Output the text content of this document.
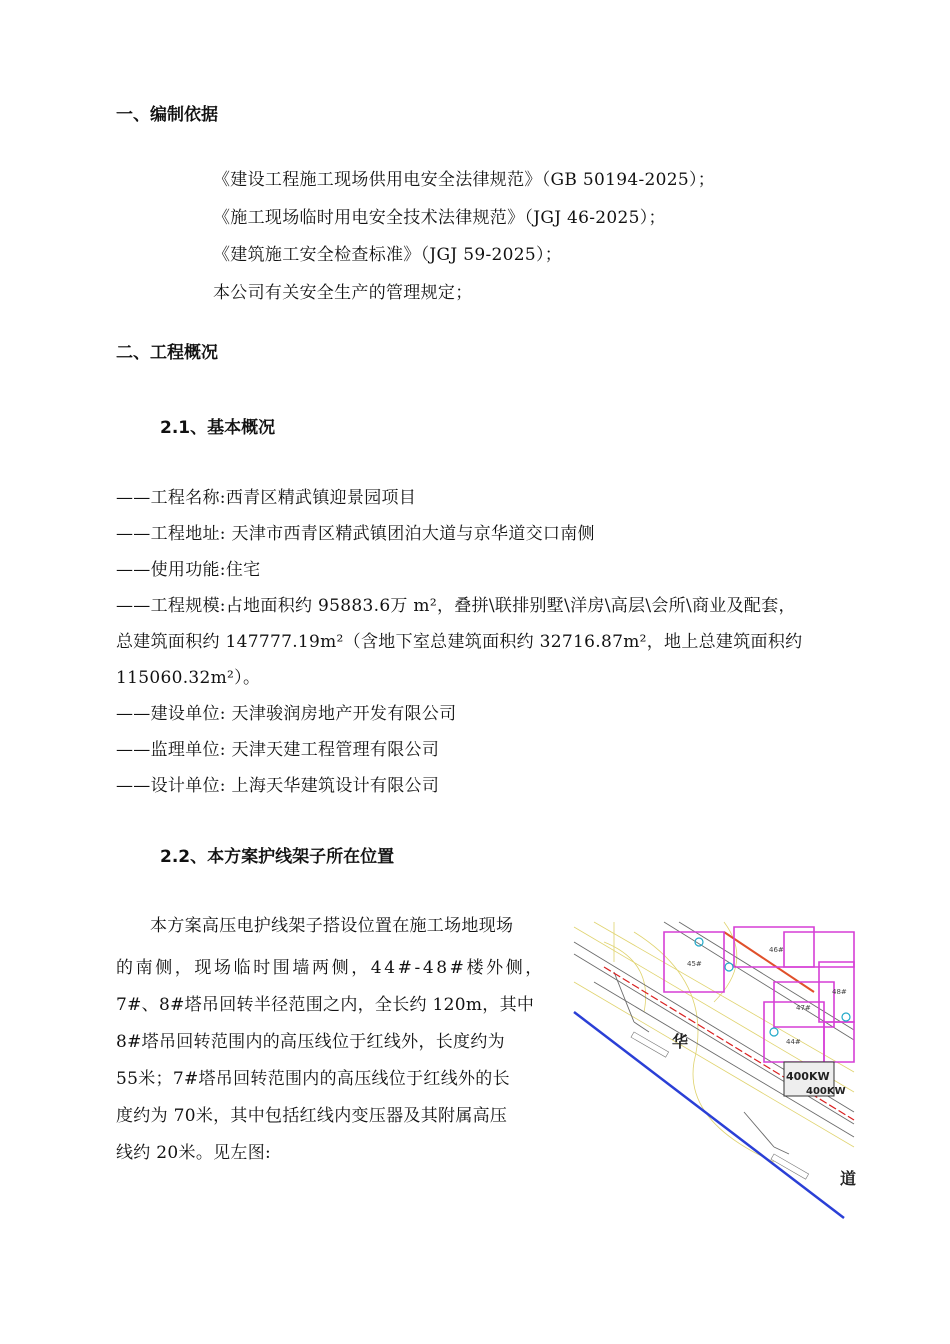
一、编制依据
《建设工程施工现场供用电安全法律规范》（GB 50194-2025）；
《施工现场临时用电安全技术法律规范》（JGJ 46-2025）；
《建筑施工安全检查标准》（JGJ 59-2025）；
本公司有关安全生产的管理规定；
二、工程概况
2.1、基本概况
——工程名称:西青区精武镇迎景园项目
——工程地址: 天津市西青区精武镇团泊大道与京华道交口南侧
——使用功能:住宅
——工程规模:占地面积约 95883.6万 m²，叠拼\联排别墅\洋房\高层\会所\商业及配套，
总建筑面积约 147777.19m²（含地下室总建筑面积约 32716.87m²，地上总建筑面积约
115060.32m²）。
——建设单位: 天津骏润房地产开发有限公司
——监理单位: 天津天建工程管理有限公司
——设计单位: 上海天华建筑设计有限公司
2.2、本方案护线架子所在位置
本方案高压电护线架子搭设位置在施工场地现场
的南侧，现场临时围墙两侧，44#-48#楼外侧，
7#、8#塔吊回转半径范围之内，全长约 120m，其中
8#塔吊回转范围内的高压线位于红线外，长度约为
55米；7#塔吊回转范围内的高压线位于红线外的长
度约为 70米，其中包括红线内变压器及其附属高压
线约 20米。见左图:
400KW
400KW
45#
46#
47#
44#
48#
华
道
